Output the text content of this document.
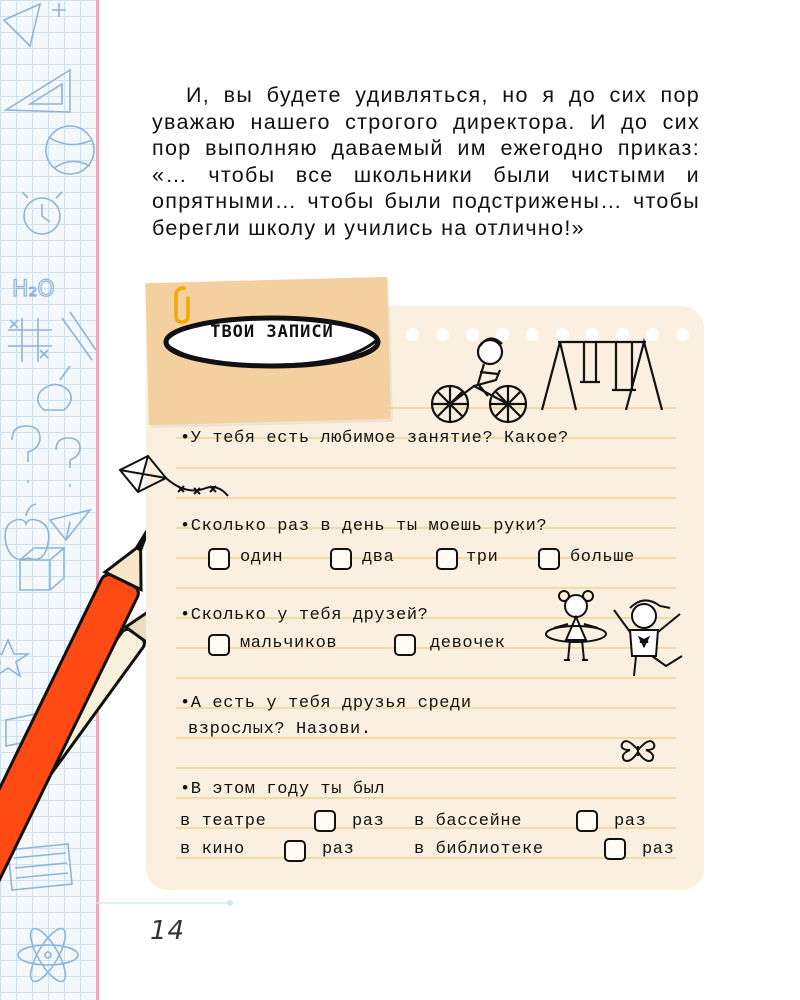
H₂O

И, вы будете удивляться, но я до сих пор уважаю нашего строгого директора. И до сих пор выполняю даваемый им ежегодно приказ: «… чтобы все школьники были чистыми и опрятными… чтобы были подстрижены… чтобы берегли школу и учились на отлично!»

ТВОИ ЗАПИСИ
•У тебя есть любимое занятие? Какое?
•Сколько раз в день ты моешь руки?
один	два	три	больше
•Сколько у тебя друзей?
мальчиков	девочек
•А есть у тебя друзья среди
взрослых? Назови.
•В этом году ты был
в театре	раз в бассейне	раз
в кино	раз	в библиотеке	раз
14
